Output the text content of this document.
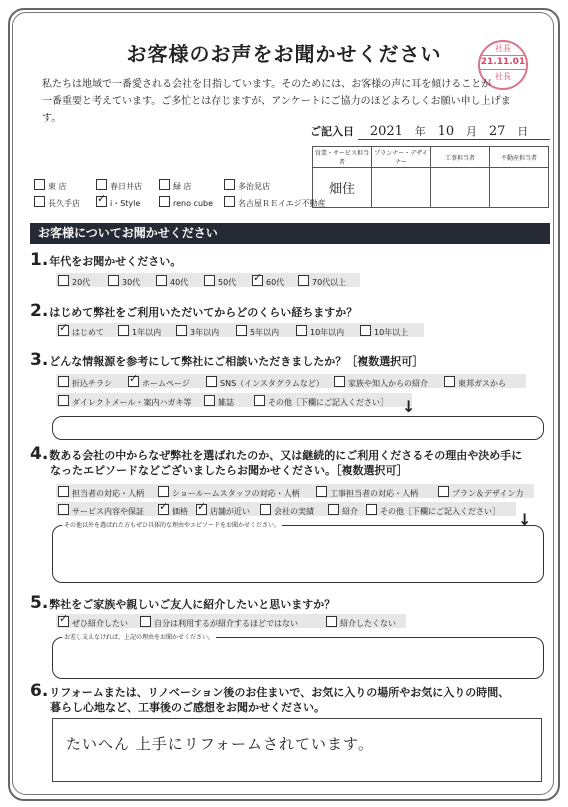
お客様のお声をお聞かせください	社長
21.11.01
社長
私たちは地域で一番愛される会社を目指しています。そのためには、お客様の声に耳を傾けることが
一番重要と考えています。ご多忙とは存じますが、アンケートにご協力のほどよろしくお願い申し上げます。
ご記入日 2021 年 10 月 27 日
営業・サービス担当者	プランナー・デザイナー	工事担当者	不動産担当者
畑住			
東 店	春日井店	緑 店	多治見店
長久手店 ✓	i・Style	reno cube	名古屋ＲＥイエジ不動産
お客様についてお聞かせください
1.年代をお聞かせください。
20代	30代	40代	50代 ✓	60代	70代以上
2.はじめて弊社をご利用いただいてからどのくらい経ちますか？
✓はじめて	1年以内	3年以内	5年以内	10年以内	10年以上
3.どんな情報源を参考にして弊社にご相談いただきましたか？［複数選択可］
折込チラシ ✓	ホームページ	SNS（インスタグラムなど）	家族や知人からの紹介	東邦ガスから
ダイレクトメール・案内ハガキ等	雑誌	その他［下欄にご記入ください］ ↓
4.数ある会社の中からなぜ弊社を選ばれたのか、又は継続的にご利用くださるその理由や決め手に
なったエピソードなどございましたらお聞かせください。［複数選択可］
担当者の対応・人柄	ショールームスタッフの対応・人柄	工事担当者の対応・人柄	プラン＆デザイン力
サービス内容や保証 ✓	価格 ✓	店舗が近い	会社の実績	紹介	その他［下欄にご記入ください］ ↓
その他以外を選ばれた方もぜひ具体的な理由やエピソードをお聞かせください。
5.弊社をご家族や親しいご友人に紹介したいと思いますか？
✓ぜひ紹介したい	自分は利用するが紹介するほどではない	紹介したくない
お差し支えなければ、上記の理由をお聞かせください。
6.リフォームまたは、リノベーション後のお住まいで、お気に入りの場所やお気に入りの時間、
暮らし心地など、工事後のご感想をお聞かせください。
たいへん 上手にリフォームされています。
